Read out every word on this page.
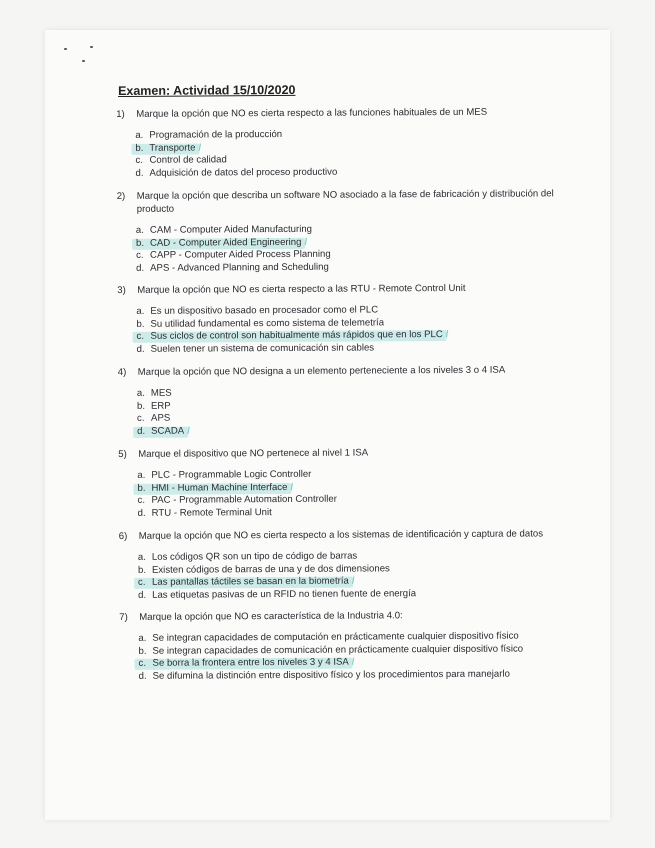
Examen: Actividad 15/10/2020
1)	Marque la opción que NO es cierta respecto a las funciones habituales de un MES
a. Programación de la producción
b. Transporte /
c. Control de calidad
d. Adquisición de datos del proceso productivo
2)	Marque la opción que describa un software NO asociado a la fase de fabricación y distribución del producto
a. CAM - Computer Aided Manufacturing
b. CAD - Computer Aided Engineering /
c. CAPP - Computer Aided Process Planning
d. APS - Advanced Planning and Scheduling
3)	Marque la opción que NO es cierta respecto a las RTU - Remote Control Unit
a. Es un dispositivo basado en procesador como el PLC
b. Su utilidad fundamental es como sistema de telemetría
c. Sus ciclos de control son habitualmente más rápidos que en los PLC /
d. Suelen tener un sistema de comunicación sin cables
4)	Marque la opción que NO designa a un elemento perteneciente a los niveles 3 o 4 ISA
a. MES
b. ERP
c. APS
d. SCADA /
5)	Marque el dispositivo que NO pertenece al nivel 1 ISA
a. PLC - Programmable Logic Controller
b. HMI - Human Machine Interface /
c. PAC - Programmable Automation Controller
d. RTU - Remote Terminal Unit
6)	Marque la opción que NO es cierta respecto a los sistemas de identificación y captura de datos
a. Los códigos QR son un tipo de código de barras
b. Existen códigos de barras de una y de dos dimensiones
c. Las pantallas táctiles se basan en la biometría /
d. Las etiquetas pasivas de un RFID no tienen fuente de energía
7)	Marque la opción que NO es característica de la Industria 4.0:
a. Se integran capacidades de computación en prácticamente cualquier dispositivo físico
b. Se integran capacidades de comunicación en prácticamente cualquier dispositivo físico
c. Se borra la frontera entre los niveles 3 y 4 ISA /
d. Se difumina la distinción entre dispositivo físico y los procedimientos para manejarlo
